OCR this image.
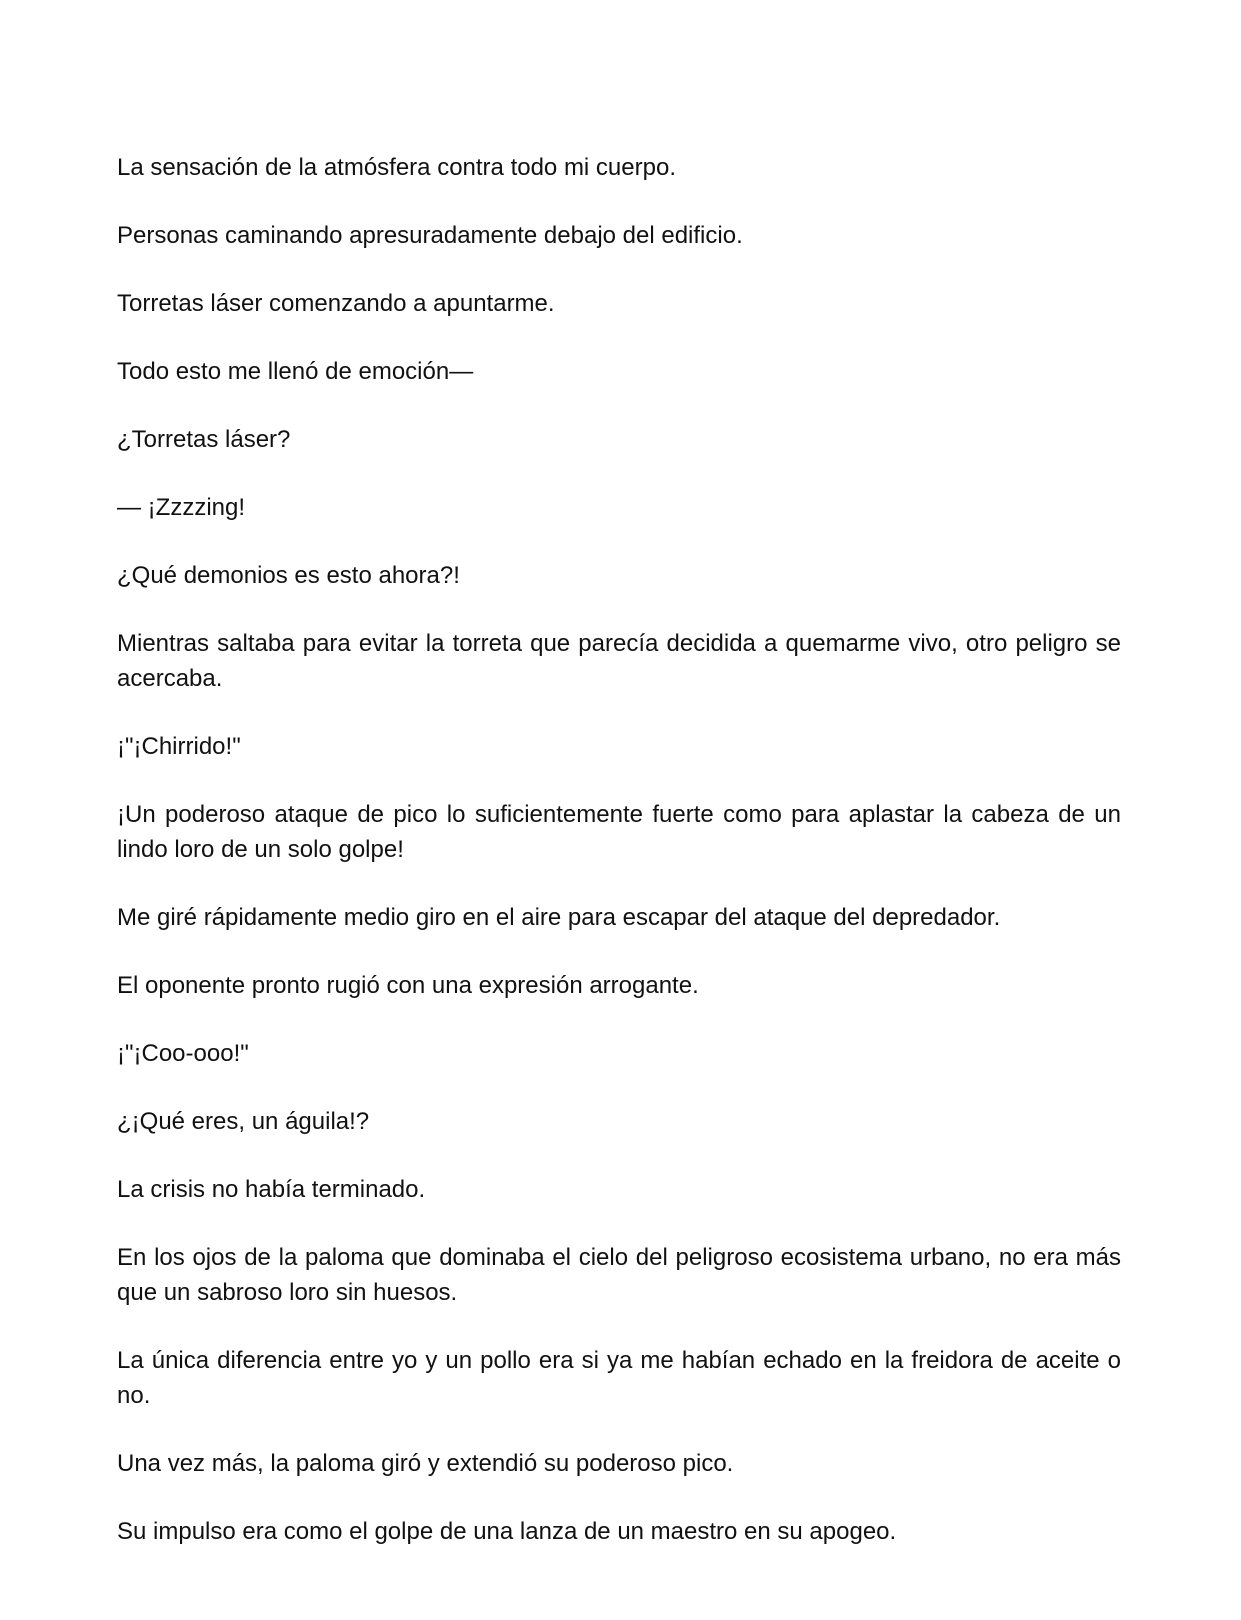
La sensación de la atmósfera contra todo mi cuerpo.

Personas caminando apresuradamente debajo del edificio.

Torretas láser comenzando a apuntarme.

Todo esto me llenó de emoción—

¿Torretas láser?

— ¡Zzzzing!

¿Qué demonios es esto ahora?!

Mientras saltaba para evitar la torreta que parecía decidida a quemarme vivo, otro peligro se acercaba.

¡"¡Chirrido!"

¡Un poderoso ataque de pico lo suficientemente fuerte como para aplastar la cabeza de un lindo loro de un solo golpe!

Me giré rápidamente medio giro en el aire para escapar del ataque del depredador.

El oponente pronto rugió con una expresión arrogante.

¡"¡Coo-ooo!"

¿¡Qué eres, un águila!?

La crisis no había terminado.

En los ojos de la paloma que dominaba el cielo del peligroso ecosistema urbano, no era más que un sabroso loro sin huesos.

La única diferencia entre yo y un pollo era si ya me habían echado en la freidora de aceite o no.

Una vez más, la paloma giró y extendió su poderoso pico.

Su impulso era como el golpe de una lanza de un maestro en su apogeo.
